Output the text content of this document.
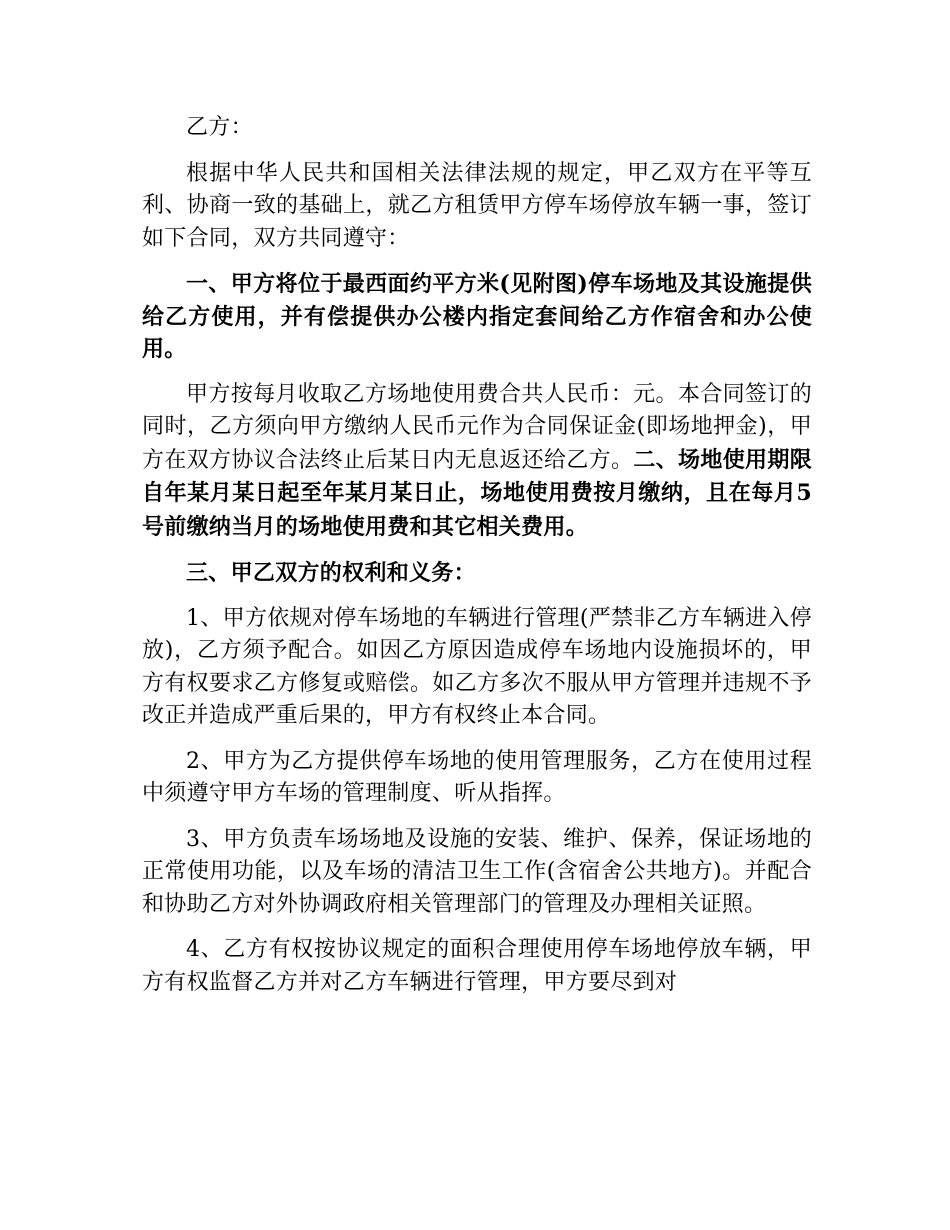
乙方：

根据中华人民共和国相关法律法规的规定，甲乙双方在平等互利、协商一致的基础上，就乙方租赁甲方停车场停放车辆一事，签订如下合同，双方共同遵守：

一、甲方将位于最西面约平方米(见附图)停车场地及其设施提供给乙方使用，并有偿提供办公楼内指定套间给乙方作宿舍和办公使用。

甲方按每月收取乙方场地使用费合共人民币：元。本合同签订的同时，乙方须向甲方缴纳人民币元作为合同保证金(即场地押金)，甲方在双方协议合法终止后某日内无息返还给乙方。二、场地使用期限自年某月某日起至年某月某日止，场地使用费按月缴纳，且在每月5号前缴纳当月的场地使用费和其它相关费用。

三、甲乙双方的权利和义务：

1、甲方依规对停车场地的车辆进行管理(严禁非乙方车辆进入停放)，乙方须予配合。如因乙方原因造成停车场地内设施损坏的，甲方有权要求乙方修复或赔偿。如乙方多次不服从甲方管理并违规不予改正并造成严重后果的，甲方有权终止本合同。

2、甲方为乙方提供停车场地的使用管理服务，乙方在使用过程中须遵守甲方车场的管理制度、听从指挥。

3、甲方负责车场场地及设施的安装、维护、保养，保证场地的正常使用功能，以及车场的清洁卫生工作(含宿舍公共地方)。并配合和协助乙方对外协调政府相关管理部门的管理及办理相关证照。

4、乙方有权按协议规定的面积合理使用停车场地停放车辆，甲方有权监督乙方并对乙方车辆进行管理，甲方要尽到对
